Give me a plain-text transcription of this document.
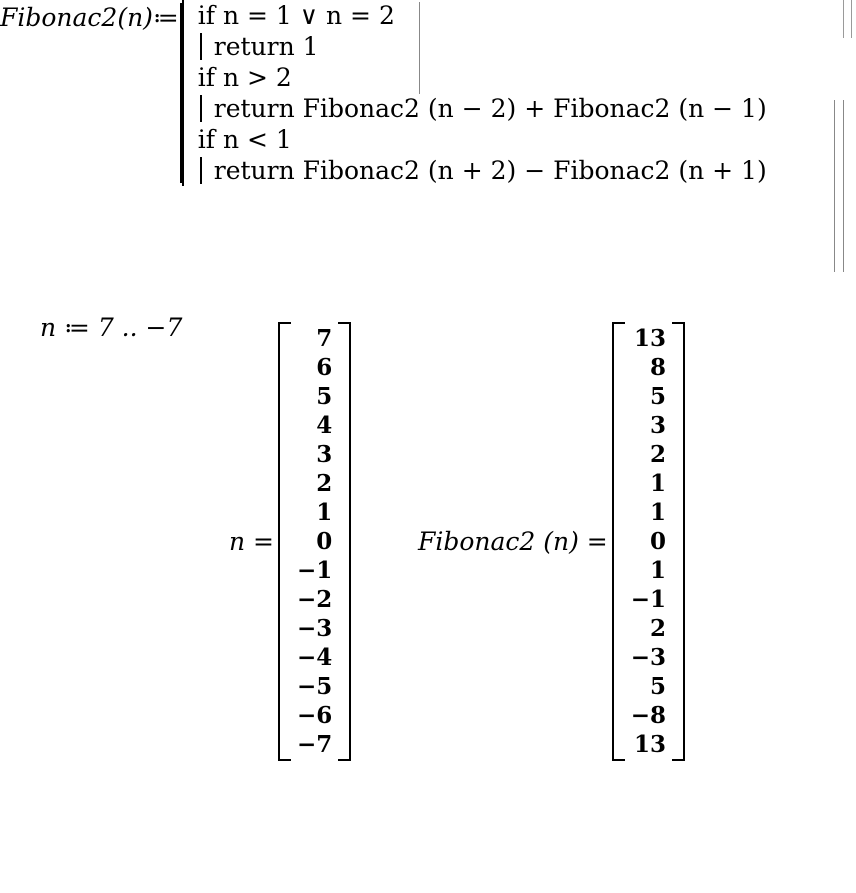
Fibonac2(n)≔ if n = 1 ∨ n = 2
return 1
if n > 2
return Fibonac2 (n − 2) + Fibonac2 (n − 1)
if n < 1
return Fibonac2 (n + 2) − Fibonac2 (n + 1)
n ≔ 7 .. −7
n =
7
6
5
4
3
2
1
0
−1
−2
−3
−4
−5
−6
−7
Fibonac2 (n) =
13
8
5
3
2
1
1
0
1
−1
2
−3
5
−8
13
